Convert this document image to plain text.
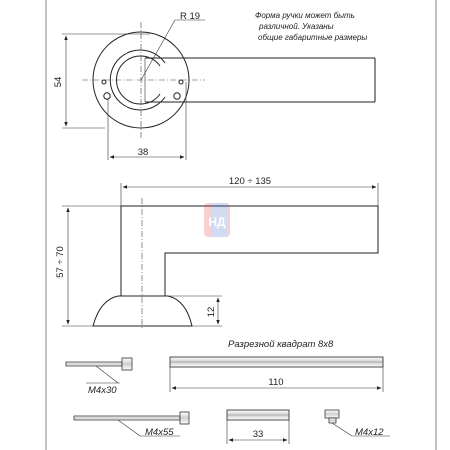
R 19
54
38
Форма ручки может быть
различной. Указаны
общие габаритные размеры
120 ÷ 135
57 ÷ 70
12
НД
Разрезной квадрат 8x8
110
M4x30
M4x55	33	M4x12
